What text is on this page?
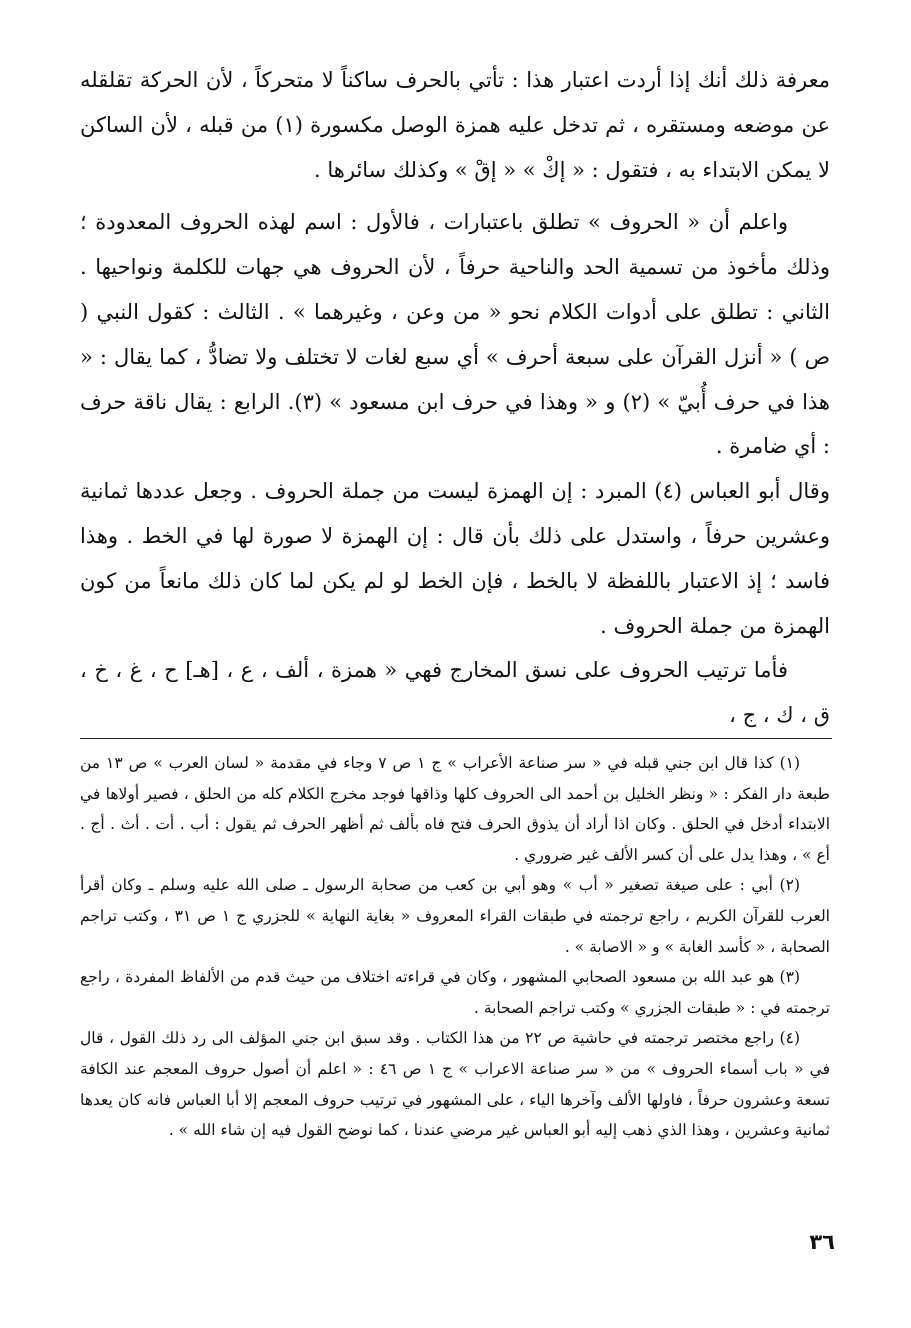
معرفة ذلك أنك إذا أردت اعتبار هذا : تأتي بالحرف ساكناً لا متحركاً ، لأن الحركة تقلقله عن موضعه ومستقره ، ثم تدخل عليه همزة الوصل مكسورة (١) من قبله ، لأن الساكن لا يمكن الابتداء به ، فتقول : « إكْ » « إقْ » وكذلك سائرها .

واعلم أن « الحروف » تطلق باعتبارات ، فالأول : اسم لهذه الحروف المعدودة ؛ وذلك مأخوذ من تسمية الحد والناحية حرفاً ، لأن الحروف هي جهات للكلمة ونواحيها . الثاني : تطلق على أدوات الكلام نحو « من وعن ، وغيرهما » . الثالث : كقول النبي ( ص ) « أنزل القرآن على سبعة أحرف » أي سبع لغات لا تختلف ولا تضادُّ ، كما يقال : « هذا في حرف أُبيّ » (٢) و « وهذا في حرف ابن مسعود » (٣). الرابع : يقال ناقة حرف : أي ضامرة .

وقال أبو العباس (٤) المبرد : إن الهمزة ليست من جملة الحروف . وجعل عددها ثمانية وعشرين حرفاً ، واستدل على ذلك بأن قال : إن الهمزة لا صورة لها في الخط . وهذا فاسد ؛ إذ الاعتبار باللفظة لا بالخط ، فإن الخط لو لم يكن لما كان ذلك مانعاً من كون الهمزة من جملة الحروف .

فأما ترتيب الحروف على نسق المخارج فهي « همزة ، ألف ، ع ، [هـ] ح ، غ ، خ ، ق ، ك ، ج ،

(١) كذا قال ابن جني قبله في « سر صناعة الأعراب » ج ١ ص ٧ وجاء في مقدمة « لسان العرب » ص ١٣ من طبعة دار الفكر : « ونظر الخليل بن أحمد الى الحروف كلها وذاقها فوجد مخرج الكلام كله من الحلق ، فصير أولاها في الابتداء أدخل في الحلق . وكان اذا أراد أن يذوق الحرف فتح فاه بألف ثم أظهر الحرف ثم يقول : أب . أت . أث . أج . أع » ، وهذا يدل على أن كسر الألف غير ضروري .

(٢) أبي : على صيغة تصغير « أب » وهو أبي بن كعب من صحابة الرسول ـ صلى الله عليه وسلم ـ وكان أقرأ العرب للقرآن الكريم ، راجع ترجمته في طبقات القراء المعروف « بغاية النهاية » للجزري ج ١ ص ٣١ ، وكتب تراجم الصحابة ، « كأسد الغابة » و « الاصابة » .

(٣) هو عبد الله بن مسعود الصحابي المشهور ، وكان في قراءته اختلاف من حيث قدم من الألفاظ المفردة ، راجع ترجمته في : « طبقات الجزري » وكتب تراجم الصحابة .

(٤) راجع مختصر ترجمته في حاشية ص ٢٢ من هذا الكتاب . وقد سبق ابن جني المؤلف الى رد ذلك القول ، قال في « باب أسماء الحروف » من « سر صناعة الاعراب » ج ١ ص ٤٦ : « اعلم أن أصول حروف المعجم عند الكافة تسعة وعشرون حرفاً ، فاولها الألف وآخرها الياء ، على المشهور في ترتيب حروف المعجم إلا أبا العباس فانه كان يعدها ثمانية وعشرين ، وهذا الذي ذهب إليه أبو العباس غير مرضي عندنا ، كما نوضح القول فيه إن شاء الله » .

٣٦
